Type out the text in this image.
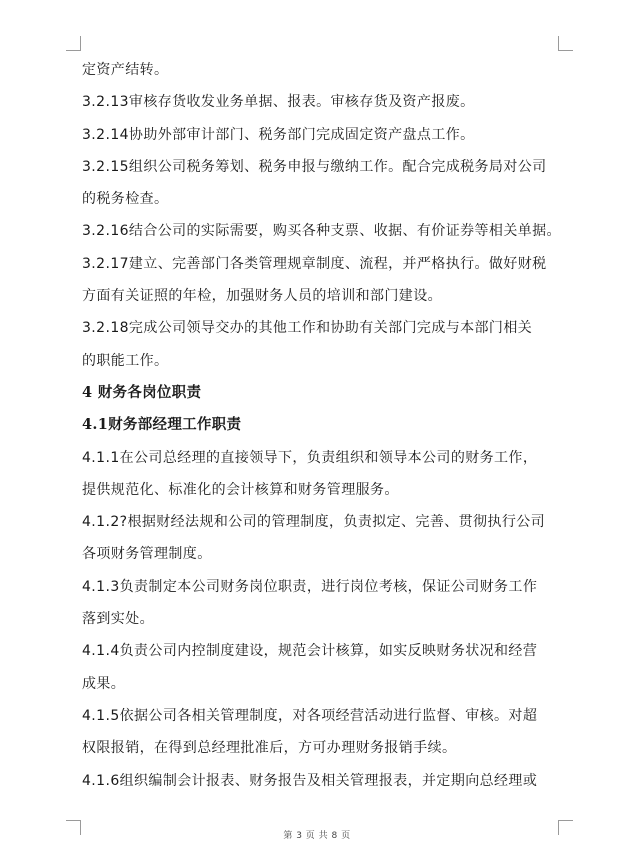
定资产结转。
3.2.13审核存货收发业务单据、报表。审核存货及资产报废。
3.2.14协助外部审计部门、税务部门完成固定资产盘点工作。
3.2.15组织公司税务筹划、税务申报与缴纳工作。配合完成税务局对公司
的税务检查。
3.2.16结合公司的实际需要，购买各种支票、收据、有价证券等相关单据。
3.2.17建立、完善部门各类管理规章制度、流程，并严格执行。做好财税
方面有关证照的年检，加强财务人员的培训和部门建设。
3.2.18完成公司领导交办的其他工作和协助有关部门完成与本部门相关
的职能工作。
4 财务各岗位职责
4.1财务部经理工作职责
4.1.1在公司总经理的直接领导下，负责组织和领导本公司的财务工作，
提供规范化、标准化的会计核算和财务管理服务。
4.1.2?根据财经法规和公司的管理制度，负责拟定、完善、贯彻执行公司
各项财务管理制度。
4.1.3负责制定本公司财务岗位职责，进行岗位考核，保证公司财务工作
落到实处。
4.1.4负责公司内控制度建设，规范会计核算，如实反映财务状况和经营
成果。
4.1.5依据公司各相关管理制度，对各项经营活动进行监督、审核。对超
权限报销，在得到总经理批准后，方可办理财务报销手续。
4.1.6组织编制会计报表、财务报告及相关管理报表，并定期向总经理或
第 3 页 共 8 页
